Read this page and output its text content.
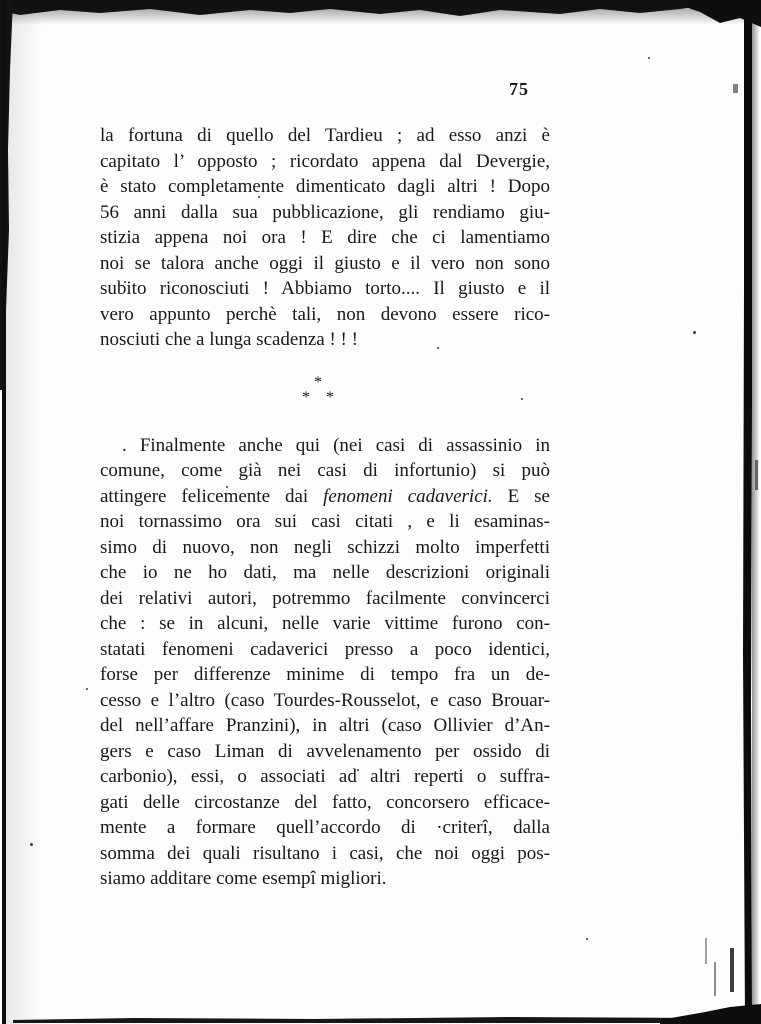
75
la fortuna di quello del Tardieu ; ad esso anzi è
capitato l’ opposto ; ricordato appena dal Devergie,
è stato completamente dimenticato dagli altri ! Dopo
56 anni dalla sua pubblicazione, gli rendiamo giu-
stizia appena noi ora ! E dire che ci lamentiamo
noi se talora anche oggi il giusto e il vero non sono
subito riconosciuti ! Abbiamo torto.... Il giusto e il
vero appunto perchè tali, non devono essere rico-
nosciuti che a lunga scadenza ! ! !
*
* *
. Finalmente anche qui (nei casi di assassinio in
comune, come già nei casi di infortunio) si può
attingere felicemente dai fenomeni cadaverici. E se
noi tornassimo ora sui casi citati , e li esaminas-
simo di nuovo, non negli schizzi molto imperfetti
che io ne ho dati, ma nelle descrizioni originali
dei relativi autori, potremmo facilmente convincerci
che : se in alcuni, nelle varie vittime furono con-
statati fenomeni cadaverici presso a poco identici,
forse per differenze minime di tempo fra un de-
cesso e l’altro (caso Tourdes-Rousselot, e caso Brouar-
del nell’affare Pranzini), in altri (caso Ollivier d’An-
gers e caso Liman di avvelenamento per ossido di
carbonio), essi, o associati ad altri reperti o suffra-
gati delle circostanze del fatto, concorsero efficace-
mente a formare quell’accordo di ·criterî, dalla
somma dei quali risultano i casi, che noi oggi pos-
siamo additare come esempî migliori.
